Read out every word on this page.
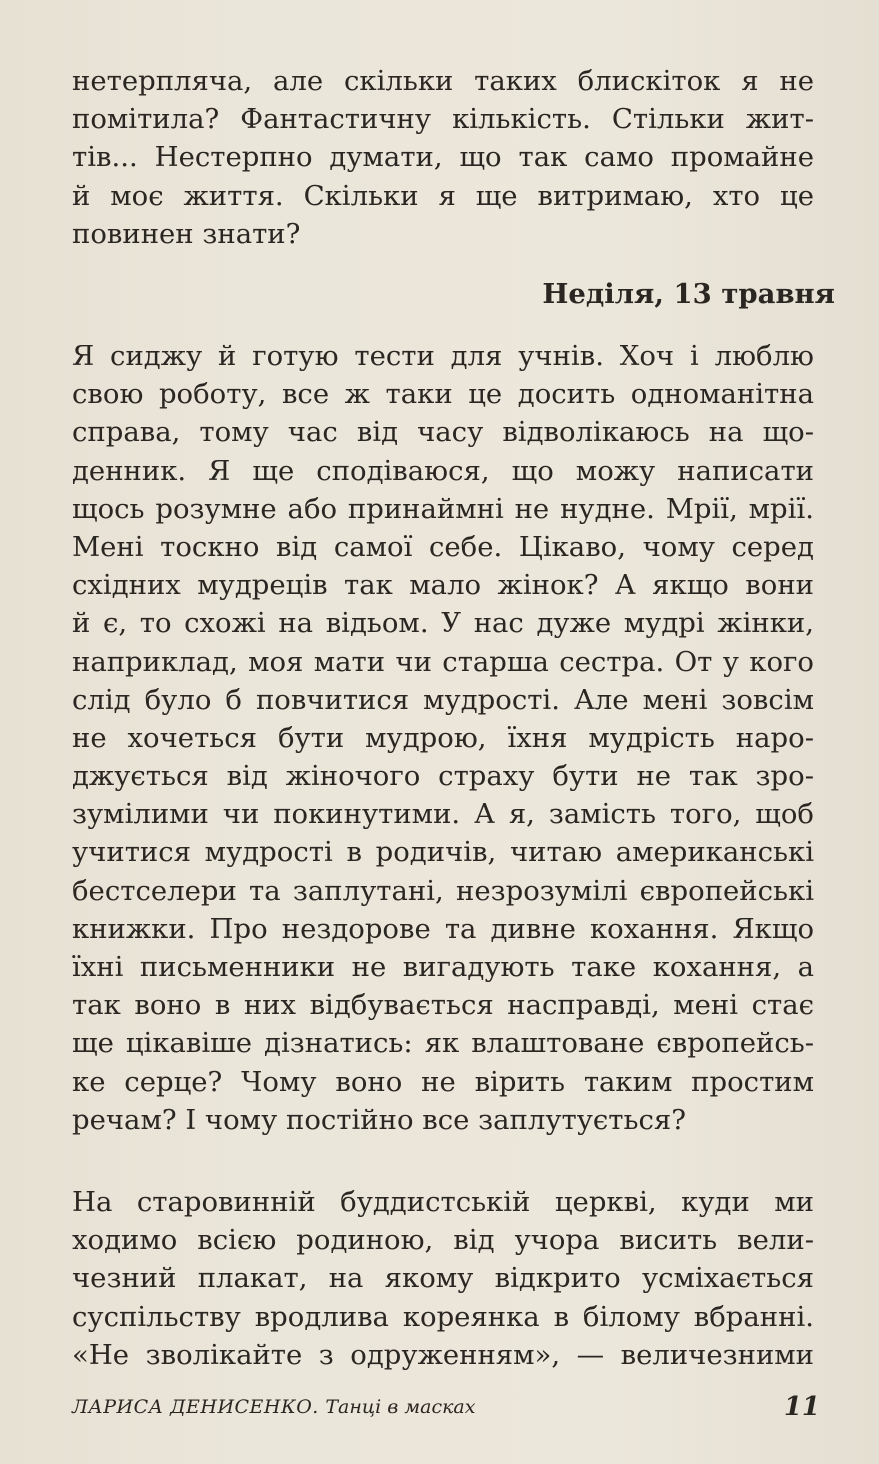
нетерпляча, але скільки таких блискіток я не
помітила? Фантастичну кількість. Стільки жит-
тів... Нестерпно думати, що так само промайне
й моє життя. Скільки я ще витримаю, хто це
повинен знати?
Неділя, 13 травня
Я сиджу й готую тести для учнів. Хоч і люблю
свою роботу, все ж таки це досить одноманітна
справа, тому час від часу відволікаюсь на що-
денник. Я ще сподіваюся, що можу написати
щось розумне або принаймні не нудне. Мрії, мрії.
Мені тоскно від самої себе. Цікаво, чому серед
східних мудреців так мало жінок? А якщо вони
й є, то схожі на відьом. У нас дуже мудрі жінки,
наприклад, моя мати чи старша сестра. От у кого
слід було б повчитися мудрості. Але мені зовсім
не хочеться бути мудрою, їхня мудрість наро-
джується від жіночого страху бути не так зро-
зумілими чи покинутими. А я, замість того, щоб
учитися мудрості в родичів, читаю американські
бестселери та заплутані, незрозумілі європейські
книжки. Про нездорове та дивне кохання. Якщо
їхні письменники не вигадують таке кохання, а
так воно в них відбувається насправді, мені стає
ще цікавіше дізнатись: як влаштоване європейсь-
ке серце? Чому воно не вірить таким простим
речам? І чому постійно все заплутується?
На старовинній буддистській церкві, куди ми
ходимо всією родиною, від учора висить вели-
чезний плакат, на якому відкрито усміхається
суспільству вродлива кореянка в білому вбранні.
«Не зволікайте з одруженням», — величезними
ЛАРИСА ДЕНИСЕНКО. Танці в масках	11
